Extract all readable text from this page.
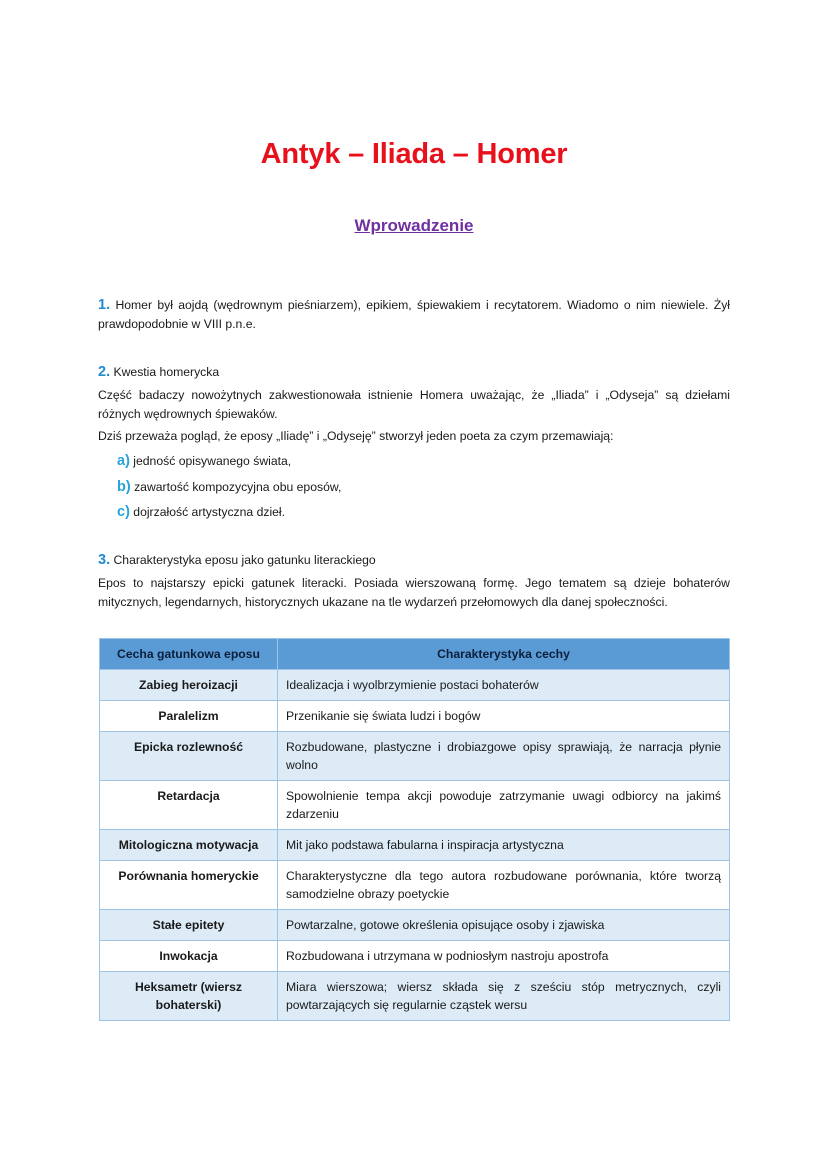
Antyk – Iliada – Homer
Wprowadzenie

1. Homer był aojdą (wędrownym pieśniarzem), epikiem, śpiewakiem i recytatorem. Wiadomo o nim niewiele. Żył prawdopodobnie w VIII p.n.e.

2. Kwestia homerycka

Część badaczy nowożytnych zakwestionowała istnienie Homera uważając, że „Iliada” i „Odyseja” są dziełami różnych wędrownych śpiewaków.

Dziś przeważa pogląd, że eposy „Iliadę” i „Odyseję” stworzył jeden poeta za czym przemawiają:

a) jedność opisywanego świata,
b) zawartość kompozycyjna obu eposów,
c) dojrzałość artystyczna dzieł.

3. Charakterystyka eposu jako gatunku literackiego

Epos to najstarszy epicki gatunek literacki. Posiada wierszowaną formę. Jego tematem są dzieje bohaterów mitycznych, legendarnych, historycznych ukazane na tle wydarzeń przełomowych dla danej społeczności.

Cecha gatunkowa eposu	Charakterystyka cechy
Zabieg heroizacji	Idealizacja i wyolbrzymienie postaci bohaterów
Paralelizm	Przenikanie się świata ludzi i bogów
Epicka rozlewność	Rozbudowane, plastyczne i drobiazgowe opisy sprawiają, że narracja płynie wolno
Retardacja	Spowolnienie tempa akcji powoduje zatrzymanie uwagi odbiorcy na jakimś zdarzeniu
Mitologiczna motywacja	Mit jako podstawa fabularna i inspiracja artystyczna
Porównania homeryckie	Charakterystyczne dla tego autora rozbudowane porównania, które tworzą samodzielne obrazy poetyckie
Stałe epitety	Powtarzalne, gotowe określenia opisujące osoby i zjawiska
Inwokacja	Rozbudowana i utrzymana w podniosłym nastroju apostrofa
Heksametr (wiersz bohaterski)	Miara wierszowa; wiersz składa się z sześciu stóp metrycznych, czyli powtarzających się regularnie cząstek wersu
